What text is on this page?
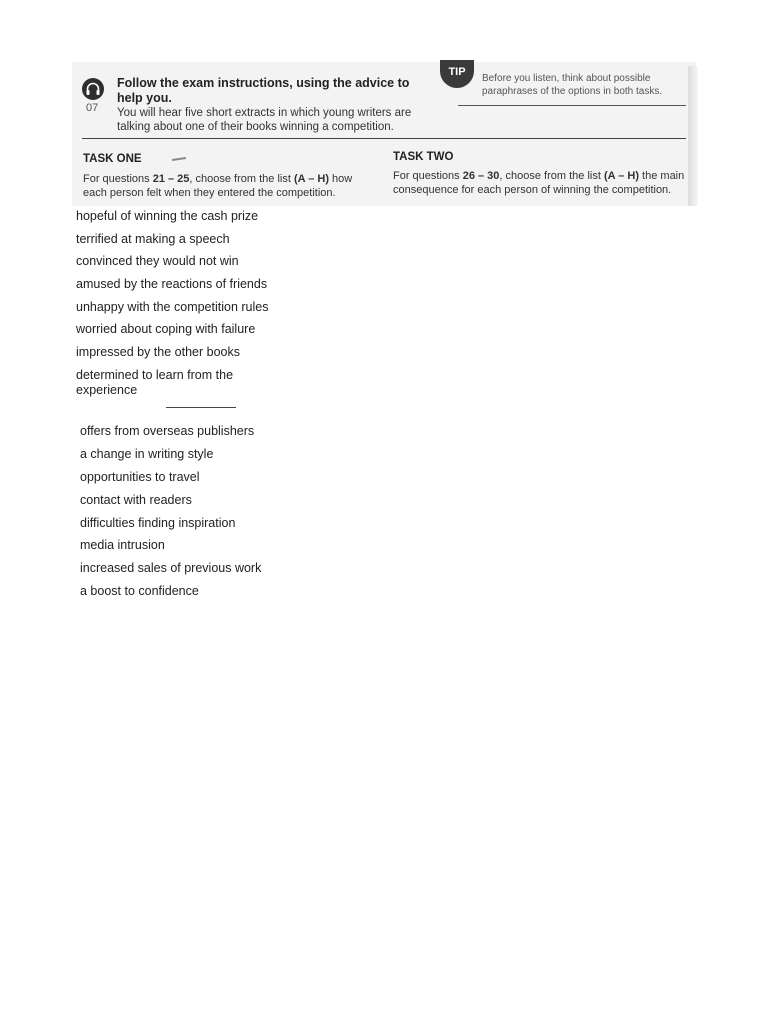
07
Follow the exam instructions, using the advice to help you.
You will hear five short extracts in which young writers are talking about one of their books winning a competition.
TIP
Before you listen, think about possible paraphrases of the options in both tasks.
TASK ONE
For questions 21 – 25, choose from the list (A – H) how each person felt when they entered the competition.
TASK TWO
For questions 26 – 30, choose from the list (A – H) the main consequence for each person of winning the competition.
hopeful of winning the cash prize
terrified at making a speech
convinced they would not win
amused by the reactions of friends
unhappy with the competition rules
worried about coping with failure
impressed by the other books
determined to learn from the experience
offers from overseas publishers
a change in writing style
opportunities to travel
contact with readers
difficulties finding inspiration
media intrusion
increased sales of previous work
a boost to confidence
